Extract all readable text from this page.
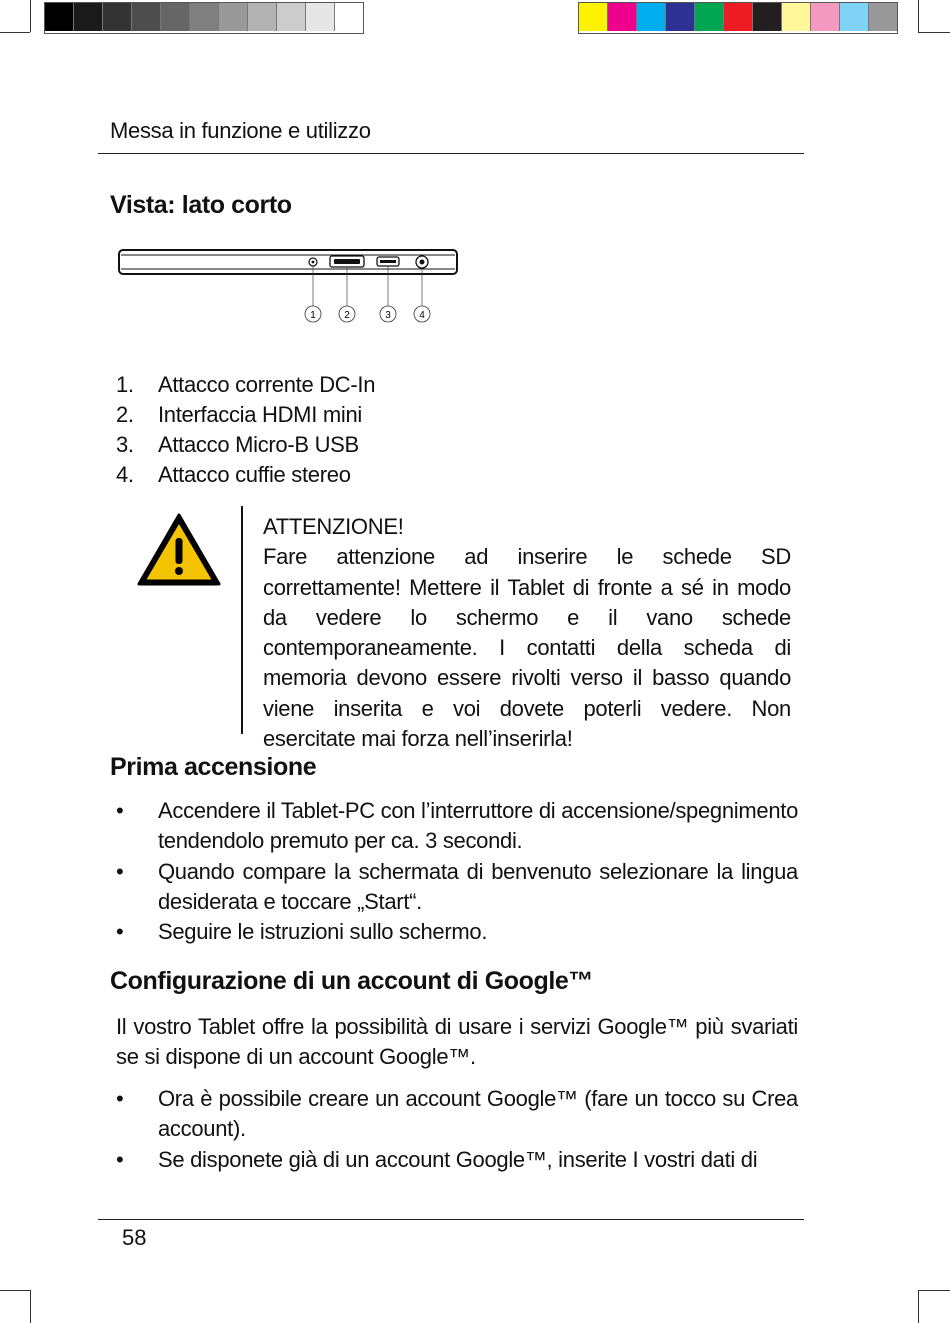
Messa in funzione e utilizzo
Vista: lato corto
1	2	3	4
1.	Attacco corrente DC-In
2.	Interfaccia HDMI mini
3.	Attacco Micro-B USB
4.	Attacco cuffie stereo

ATTENZIONE!

Fare attenzione ad inserire le schede SD correttamente! Mettere il Tablet di fronte a sé in modo da vedere lo schermo e il vano schede contemporaneamente. I contatti della scheda di memoria devono essere rivolti verso il basso quando viene inserita e voi dovete poterli vedere. Non esercitate mai forza nell’inserirla!

Prima accensione
• Accendere il Tablet-PC con l’interruttore di accensione/spegnimento tendendolo premuto per ca. 3 secondi.
• Quando compare la schermata di benvenuto selezionare la lingua desiderata e toccare „Start“.
• Seguire le istruzioni sullo schermo.
Configurazione di un account di Google™

Il vostro Tablet offre la possibilità di usare i servizi Google™ più svariati se si dispone di un account Google™.

• Ora è possibile creare un account Google™ (fare un tocco su Crea account).
• Se disponete già di un account Google™, inserite I vostri dati di
58
